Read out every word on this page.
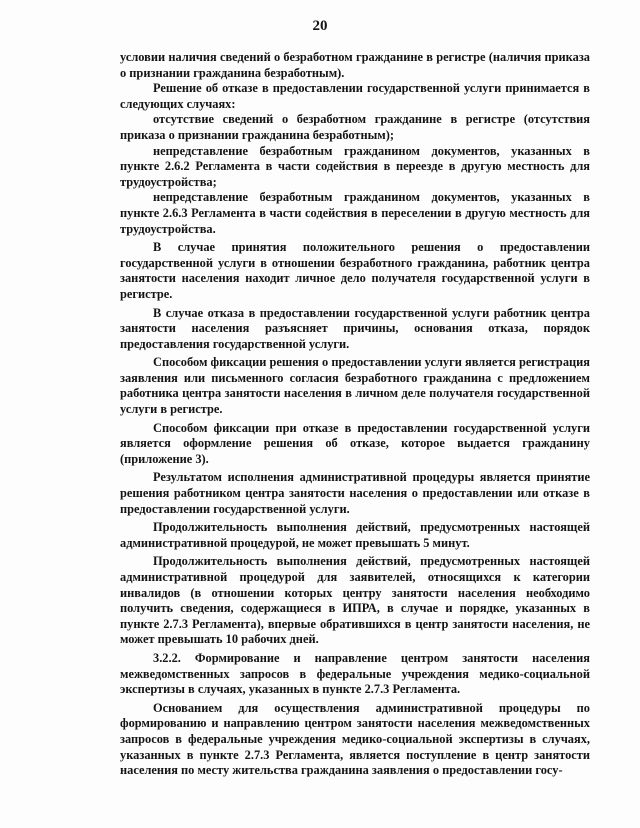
20

условии наличия сведений о безработном гражданине в регистре (наличия приказа о признании гражданина безработным).

Решение об отказе в предоставлении государственной услуги принимается в следующих случаях:

отсутствие сведений о безработном гражданине в регистре (отсутствия приказа о признании гражданина безработным);

непредставление безработным гражданином документов, указанных в пункте 2.6.2 Регламента в части содействия в переезде в другую местность для трудоустройства;

непредставление безработным гражданином документов, указанных в пункте 2.6.3 Регламента в части содействия в переселении в другую местность для трудоустройства.

В случае принятия положительного решения о предоставлении государственной услуги в отношении безработного гражданина, работник центра занятости населения находит личное дело получателя государственной услуги в регистре.

В случае отказа в предоставлении государственной услуги работник центра занятости населения разъясняет причины, основания отказа, порядок предоставления государственной услуги.

Способом фиксации решения о предоставлении услуги является регистрация заявления или письменного согласия безработного гражданина с предложением работника центра занятости населения в личном деле получателя государственной услуги в регистре.

Способом фиксации при отказе в предоставлении государственной услуги является оформление решения об отказе, которое выдается гражданину (приложение 3).

Результатом исполнения административной процедуры является принятие решения работником центра занятости населения о предоставлении или отказе в предоставлении государственной услуги.

Продолжительность выполнения действий, предусмотренных настоящей административной процедурой, не может превышать 5 минут.

Продолжительность выполнения действий, предусмотренных настоящей административной процедурой для заявителей, относящихся к категории инвалидов (в отношении которых центру занятости населения необходимо получить сведения, содержащиеся в ИПРА, в случае и порядке, указанных в пункте 2.7.3 Регламента), впервые обратившихся в центр занятости населения, не может превышать 10 рабочих дней.

3.2.2. Формирование и направление центром занятости населения межведомственных запросов в федеральные учреждения медико-социальной экспертизы в случаях, указанных в пункте 2.7.3 Регламента.

Основанием для осуществления административной процедуры по формированию и направлению центром занятости населения межведомственных запросов в федеральные учреждения медико-социальной экспертизы в случаях, указанных в пункте 2.7.3 Регламента, является поступление в центр занятости населения по месту жительства гражданина заявления о предоставлении госу-
